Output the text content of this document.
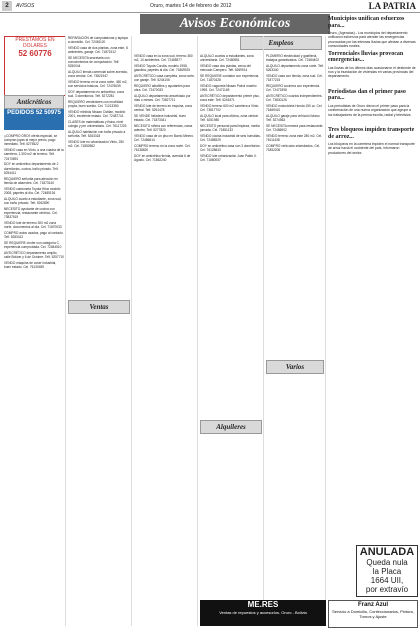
2	AVISOS	Oruro, martes 14 de febrero de 2012	LA PATRIA
Avisos Económicos
PRESTAMOS EN DOLARES
52 60776
PEDIDOS 52 50975

¡¡COMPRO ORO!! oferta especial, se compran joyas al mejor precio, pago inmediato. Telf. 5275522

VENDO casa en Vinto, a una cuadra de la carretera, 1.300 m2 de terreno. Telf. 72470891

DOY en anticrético departamento de 2 dormitorios, cocina, baño privado. Telf. 5254411

REQUIERO señorita para atención en tienda de abarrotes. Cel. 71873140

VENDO camioneta Toyota Hilux modelo 2008, papeles al día. Cel. 72485136

ALQUILO cuarto a estudiante, zona sud, con baño privado. Telf. 5262890

NECESITO ayudante de cocina con experiencia, restaurante céntrico. Cel. 73837519

VENDO lote de terreno 300 m2 zona norte, documentos al día. Cel. 71870033

COMPRO autos usados, pago al contado. Telf. 5283412

SE REQUIERE chofer con categoría C, experiencia comprobada. Cel. 72484510

ANTICRÉTICO departamento amplio, calle Bolívar y 6 de Octubre. Telf. 5257710

VENDO máquina de coser industrial, buen estado. Cel. 76130459

REPARACIÓN de computadoras y laptops a domicilio. Cel. 72481120

VENDO casa de dos plantas, zona este, 8 ambientes, garaje. Cel. 71871512

SE NECESITA secretaria con conocimientos de computación. Telf. 5250044

ALQUILO tienda comercial sobre avenida, zona central. Cel. 73821947

VENDO terreno en la zona norte, 450 m2, con servicios básicos. Cel. 72476639

DOY departamento en anticrético, zona sud, 3 dormitorios. Telf. 5272281

REQUIERO vendedores con movilidad propia, buen sueldo. Cel. 71213350

VENDO minibús Nissan Civilian, modelo 2001, excelente estado. Cel. 72487741

CLASES de matemáticas y física, nivel colegio y pre universitario. Cel. 76117203

ALQUILO habitación con baño privado a señorita. Telf. 5263318

VENDO lote en urbanización Vinto, 250 m2. Cel. 71850562

VENDO casa en la zona sud, terreno 360 m2, 10 ambientes. Cel. 72485577

VENDO Toyota Corolla, modelo 1998, gasolina, papeles al día. Cel. 71869925

ANTICRÉTICO casa completa, zona norte, con garaje. Telf. 5244106

REQUIERO albañiles y ayudantes para obra. Cel. 72470033

ALQUILO departamento amueblado por días o meses. Cel. 73827711

VENDO lote de terreno en esquina, zona central. Telf. 5251478

SE VENDE heladera industrial, buen estado. Cel. 71873341

NECESITO niñera con referencias, cama adentro. Telf. 5277820

VENDO casa de un piso en Barrio Minero. Cel. 72486614

COMPRO terreno en la zona norte. Cel. 76138820

DOY en anticrético tienda, avenida 6 de Agosto. Cel. 71862240

ALQUILO cuartos a estudiantes, zona universitaria. Cel. 72480551

VENDO casa dos plantas, cerca del mercado Campero. Telf. 5269914

SE REQUIERE contador con experiencia. Cel. 71870428

VENDO vagoneta Nissan Patrol modelo 1995. Cel. 72471169

ANTICRÉTICO departamento primer piso, zona este. Telf. 5246371

VENDO terreno 600 m2 carretera a Vinto. Cel. 73817702

ALQUILO local para oficina, zona central. Telf. 5251980

NECESITO personal para limpieza, media jornada. Cel. 71851133

VENDO cocina industrial de seis hornallas. Cel. 72485529

DOY en anticrético casa con 3 dormitorios. Cel. 76128843

VENDO lote urbanización Juan Pablo II. Cel. 71860057

PLOMERÍO electricidad y gasfitería, trabajos garantizados. Cel. 72484402

ALQUILO departamento zona norte. Telf. 5263340

VENDO casa con tienda, zona sud. Cel. 71877215

REQUIERO cocinera con experiencia. Cel. 72473398

ANTICRÉTICO cuartos independientes. Cel. 73830126

VENDO motocicleta Honda 150 cc. Cel. 71869410

ALQUILO garaje para vehículo liviano. Telf. 5274563

SE NECESITA mesera para restaurante. Cel. 72486902

VENDO terreno zona este 280 m2. Cel. 76111438

COMPRO vehículos siniestrados. Cel. 71852206

Empleos
Anticréticos
Ventas
Alquileres
Varios
Municipios unifican esfuerzos para...
Oruro, (Agencias).- Los municipios del departamento unificaron esfuerzos para atender las emergencias provocadas por las intensas lluvias que afectan a diversas comunidades rurales.
Torrenciales lluvias provocan emergencias...
Las lluvias de los últimos días ocasionaron el desborde de ríos y la inundación de viviendas en varias provincias del departamento.
Periodistas dan el primer paso para...
Los periodistas de Oruro dieron el primer paso para la conformación de una nueva organización que agrupe a los trabajadores de la prensa escrita, radial y televisiva.
Tres bloqueos impiden transporte de arroz...
Los bloqueos en la carretera impiden el normal transporte de arroz hacia el occidente del país, informaron productores del sector.
ANULADA
Queda nula
la Placa
1664 UII,
por extravío
ME.RES
Ventas de repuestos y accesorios. Oruro - Bolivia
Franz Azul
Servicio a Domicilio, Confeccionados, Pintura, Tornos y Ajuste
